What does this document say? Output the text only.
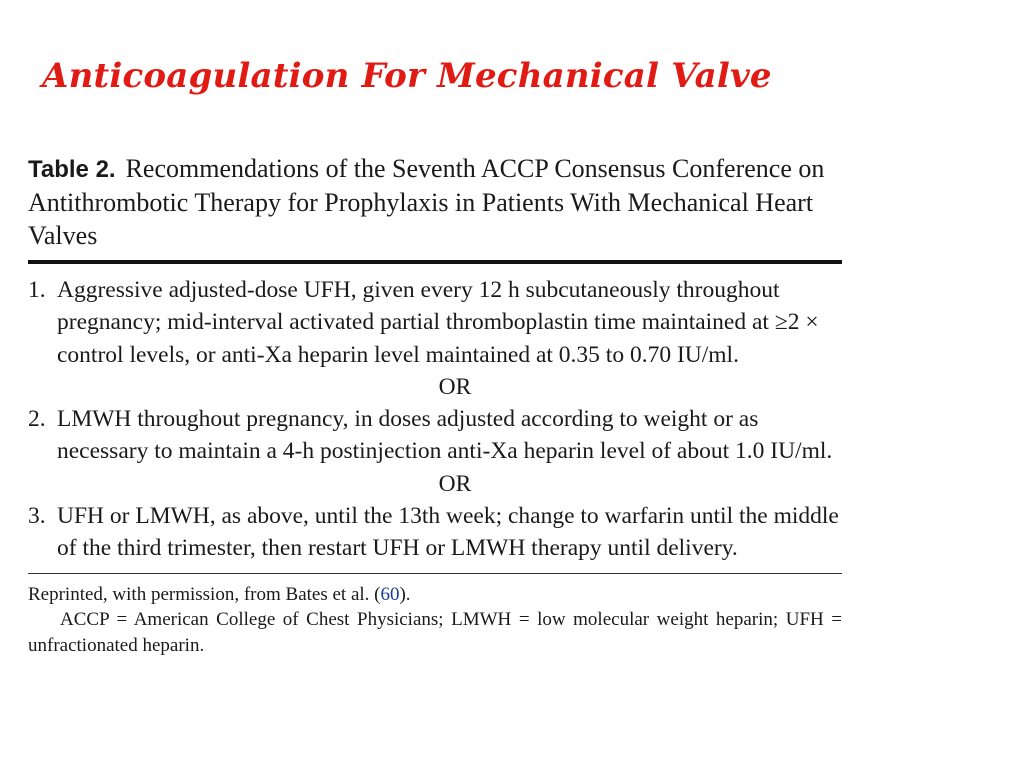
Anticoagulation For Mechanical Valve

Table 2. Recommendations of the Seventh ACCP Consensus Conference on Antithrombotic Therapy for Prophylaxis in Patients With Mechanical Heart Valves

1. Aggressive adjusted-dose UFH, given every 12 h subcutaneously throughout pregnancy; mid-interval activated partial thromboplastin time maintained at ≥2 × control levels, or anti-Xa heparin level maintained at 0.35 to 0.70 IU/ml.
OR
2. LMWH throughout pregnancy, in doses adjusted according to weight or as necessary to maintain a 4-h postinjection anti-Xa heparin level of about 1.0 IU/ml.
OR
3. UFH or LMWH, as above, until the 13th week; change to warfarin until the middle of the third trimester, then restart UFH or LMWH therapy until delivery.

Reprinted, with permission, from Bates et al. (60).

ACCP = American College of Chest Physicians; LMWH = low molecular weight heparin; UFH = unfractionated heparin.
